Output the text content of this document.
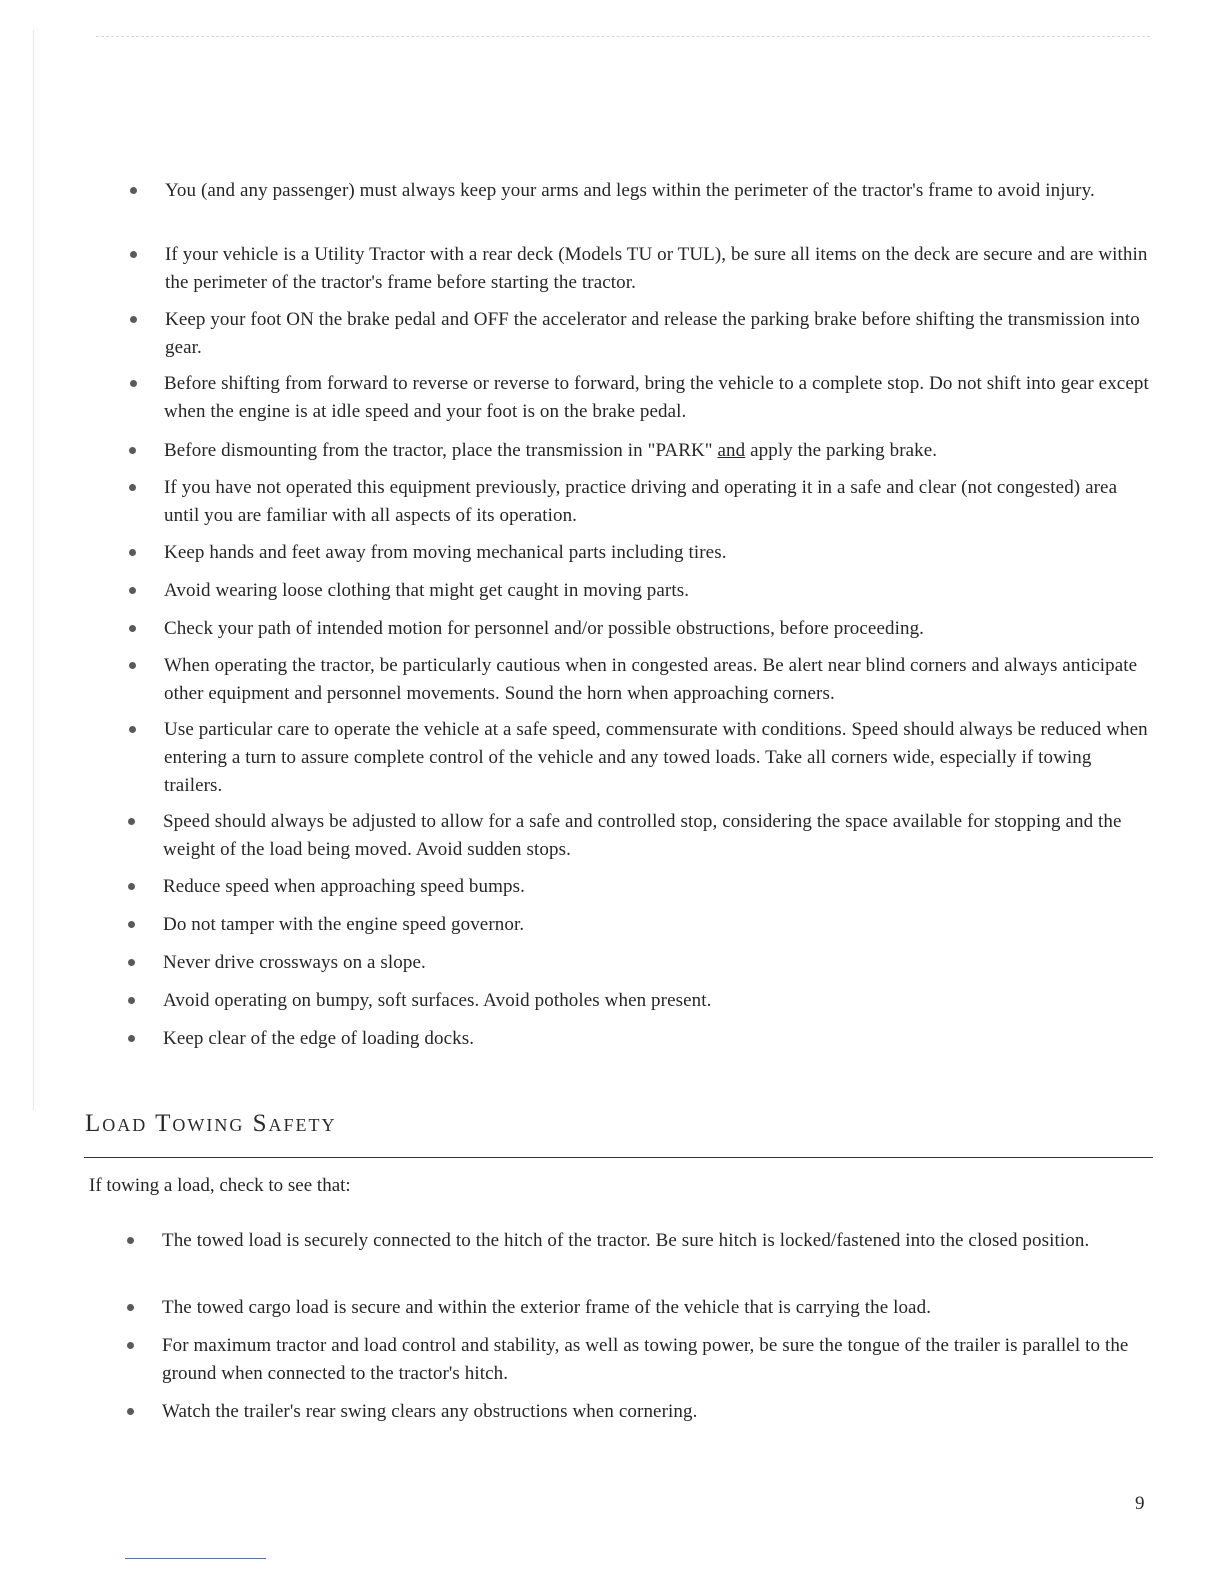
You (and any passenger) must always keep your arms and legs within the perimeter of the tractor's frame to avoid injury.
If your vehicle is a Utility Tractor with a rear deck (Models TU or TUL), be sure all items on the deck are secure and are within the perimeter of the tractor's frame before starting the tractor.
Keep your foot ON the brake pedal and OFF the accelerator and release the parking brake before shifting the transmission into gear.
Before shifting from forward to reverse or reverse to forward, bring the vehicle to a complete stop. Do not shift into gear except when the engine is at idle speed and your foot is on the brake pedal.
Before dismounting from the tractor, place the transmission in "PARK" and apply the parking brake.
If you have not operated this equipment previously, practice driving and operating it in a safe and clear (not congested) area until you are familiar with all aspects of its operation.
Keep hands and feet away from moving mechanical parts including tires.
Avoid wearing loose clothing that might get caught in moving parts.
Check your path of intended motion for personnel and/or possible obstructions, before proceeding.
When operating the tractor, be particularly cautious when in congested areas. Be alert near blind corners and always anticipate other equipment and personnel movements. Sound the horn when approaching corners.
Use particular care to operate the vehicle at a safe speed, commensurate with conditions. Speed should always be reduced when entering a turn to assure complete control of the vehicle and any towed loads. Take all corners wide, especially if towing trailers.
Speed should always be adjusted to allow for a safe and controlled stop, considering the space available for stopping and the weight of the load being moved. Avoid sudden stops.
Reduce speed when approaching speed bumps.
Do not tamper with the engine speed governor.
Never drive crossways on a slope.
Avoid operating on bumpy, soft surfaces. Avoid potholes when present.
Keep clear of the edge of loading docks.
Load Towing Safety

If towing a load, check to see that:

The towed load is securely connected to the hitch of the tractor. Be sure hitch is locked/fastened into the closed position.
The towed cargo load is secure and within the exterior frame of the vehicle that is carrying the load.
For maximum tractor and load control and stability, as well as towing power, be sure the tongue of the trailer is parallel to the ground when connected to the tractor's hitch.
Watch the trailer's rear swing clears any obstructions when cornering.
9
